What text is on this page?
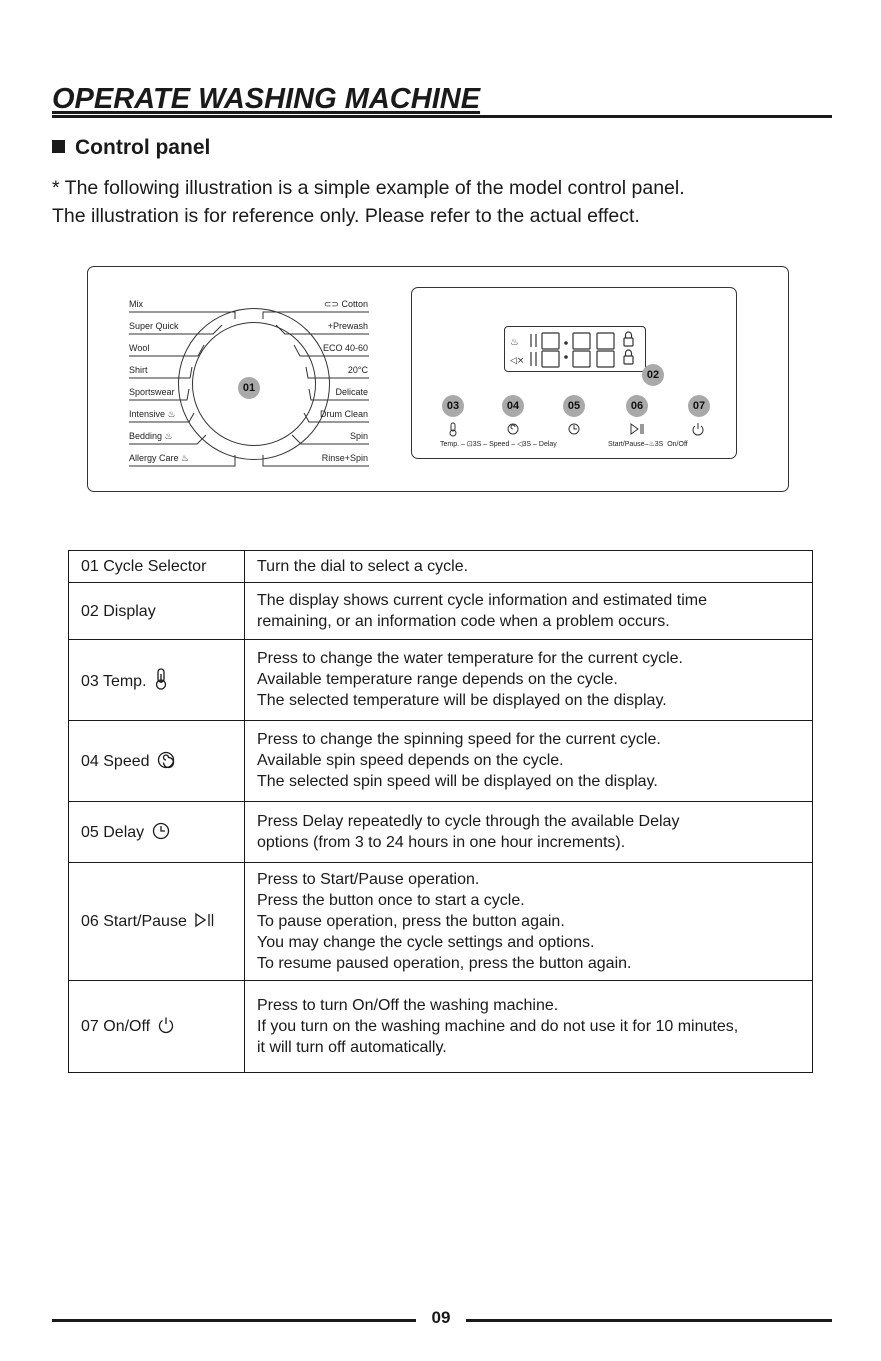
OPERATE WASHING MACHINE
Control panel
* The following illustration is a simple example of the model control panel.
The illustration is for reference only. Please refer to the actual effect.
Mix
Super Quick
Wool
Shirt
Sportswear
Intensive ♨
Bedding ♨
Allergy Care ♨
⊂⊃ Cotton
+Prewash
ECO 40-60
20°C
Delicate
Drum Clean
Spin
Rinse+Spin
01
♨
◁×
02
03	04	05	06	07
Temp. – ⊡3S – Speed – ◁3S – Delay	Start/Pause–♨3S On/Off
01 Cycle Selector	Turn the dial to select a cycle.

02 Display	The display shows current cycle information and estimated time
remaining, or an information code when a problem occurs.

03 Temp.	Press to change the water temperature for the current cycle.
Available temperature range depends on the cycle.
The selected temperature will be displayed on the display.

04 Speed	Press to change the spinning speed for the current cycle.
Available spin speed depends on the cycle.
The selected spin speed will be displayed on the display.

05 Delay	Press Delay repeatedly to cycle through the available Delay
options (from 3 to 24 hours in one hour increments).

06 Start/Pause	Press to Start/Pause operation.
Press the button once to start a cycle.
To pause operation, press the button again.
You may change the cycle settings and options.
To resume paused operation, press the button again.

07 On/Off	Press to turn On/Off the washing machine.
If you turn on the washing machine and do not use it for 10 minutes,
it will turn off automatically.
09
